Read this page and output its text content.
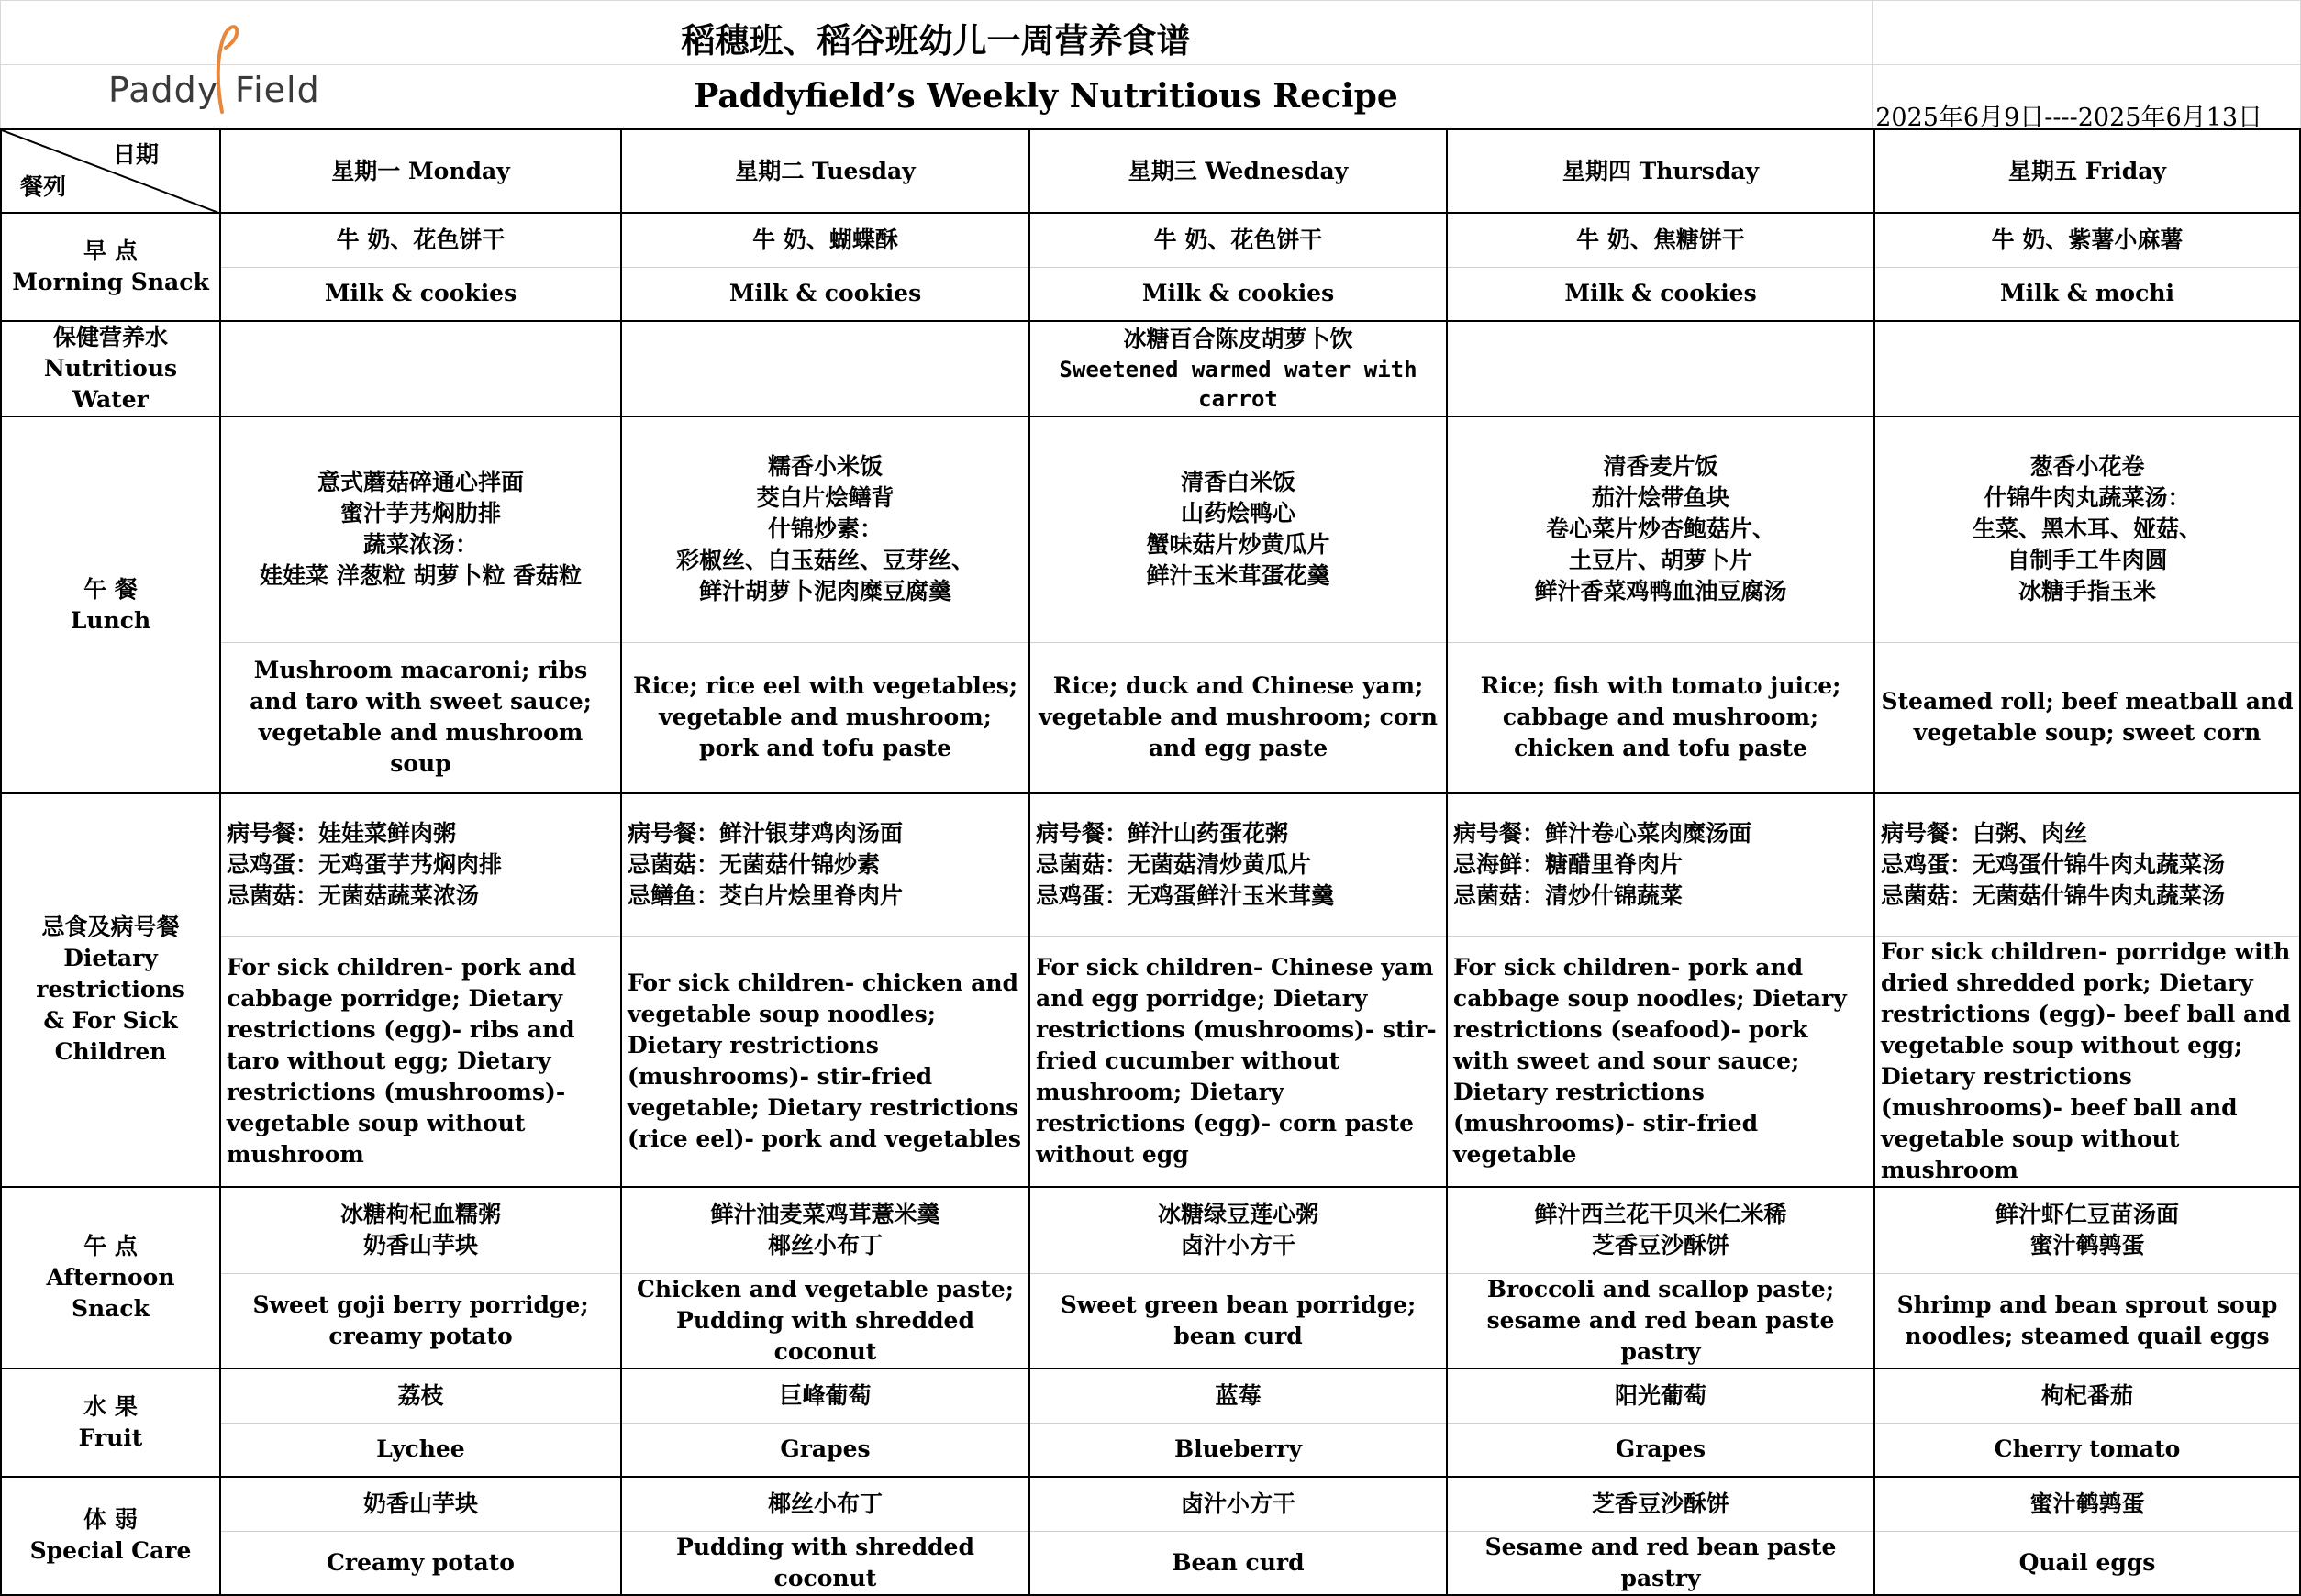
Paddy Field
稻穗班、稻谷班幼儿一周营养食谱
Paddyfield’s Weekly Nutritious Recipe
2025年6月9日----2025年6月13日
日期
餐列	星期一 Monday	星期二 Tuesday	星期三 Wednesday	星期四 Thursday	星期五 Friday

早 点
Morning Snack	牛 奶、花色饼干	牛 奶、蝴蝶酥	牛 奶、花色饼干	牛 奶、焦糖饼干	牛 奶、紫薯小麻薯
	Milk & cookies	Milk & cookies	Milk & cookies	Milk & cookies	Milk & mochi

保健营养水
Nutritious Water			冰糖百合陈皮胡萝卜饮
Sweetened warmed water with
carrot		

午 餐
Lunch	意式蘑菇碎通心拌面
蜜汁芋艿焖肋排
蔬菜浓汤：
娃娃菜 洋葱粒 胡萝卜粒 香菇粒	糯香小米饭
茭白片烩鳝背
什锦炒素：
彩椒丝、白玉菇丝、豆芽丝、
鲜汁胡萝卜泥肉糜豆腐羹	清香白米饭
山药烩鸭心
蟹味菇片炒黄瓜片
鲜汁玉米茸蛋花羹	清香麦片饭
茄汁烩带鱼块
卷心菜片炒杏鲍菇片、
土豆片、胡萝卜片
鲜汁香菜鸡鸭血油豆腐汤	葱香小花卷
什锦牛肉丸蔬菜汤：
生菜、黑木耳、娅菇、
自制手工牛肉圆
冰糖手指玉米

	Mushroom macaroni; ribs and taro with sweet sauce; vegetable and mushroom soup	Rice; rice eel with vegetables; vegetable and mushroom; pork and tofu paste	Rice; duck and Chinese yam; vegetable and mushroom; corn and egg paste	Rice; fish with tomato juice; cabbage and mushroom; chicken and tofu paste	Steamed roll; beef meatball and vegetable soup; sweet corn

忌食及病号餐
Dietary restrictions
& For Sick
Children	病号餐：娃娃菜鲜肉粥
忌鸡蛋：无鸡蛋芋艿焖肉排
忌菌菇：无菌菇蔬菜浓汤	病号餐：鲜汁银芽鸡肉汤面
忌菌菇：无菌菇什锦炒素
忌鳝鱼：茭白片烩里脊肉片	病号餐：鲜汁山药蛋花粥
忌菌菇：无菌菇清炒黄瓜片
忌鸡蛋：无鸡蛋鲜汁玉米茸羹	病号餐：鲜汁卷心菜肉糜汤面
忌海鲜：糖醋里脊肉片
忌菌菇：清炒什锦蔬菜	病号餐：白粥、肉丝
忌鸡蛋：无鸡蛋什锦牛肉丸蔬菜汤
忌菌菇：无菌菇什锦牛肉丸蔬菜汤

	For sick children- pork and cabbage porridge; Dietary restrictions (egg)- ribs and taro without egg; Dietary restrictions (mushrooms)- vegetable soup without mushroom	For sick children- chicken and vegetable soup noodles; Dietary restrictions (mushrooms)- stir-fried vegetable; Dietary restrictions (rice eel)- pork and vegetables	For sick children- Chinese yam and egg porridge; Dietary restrictions (mushrooms)- stir-fried cucumber without mushroom; Dietary restrictions (egg)- corn paste without egg	For sick children- pork and cabbage soup noodles; Dietary restrictions (seafood)- pork with sweet and sour sauce; Dietary restrictions (mushrooms)- stir-fried vegetable	For sick children- porridge with dried shredded pork; Dietary restrictions (egg)- beef ball and vegetable soup without egg; Dietary restrictions (mushrooms)- beef ball and vegetable soup without mushroom

午 点
Afternoon Snack	冰糖枸杞血糯粥
奶香山芋块	鲜汁油麦菜鸡茸薏米羹
椰丝小布丁	冰糖绿豆莲心粥
卤汁小方干	鲜汁西兰花干贝米仁米稀
芝香豆沙酥饼	鲜汁虾仁豆苗汤面
蜜汁鹌鹑蛋

	Sweet goji berry porridge; creamy potato	Chicken and vegetable paste; Pudding with shredded coconut	Sweet green bean porridge; bean curd	Broccoli and scallop paste; sesame and red bean paste pastry	Shrimp and bean sprout soup noodles; steamed quail eggs

水 果
Fruit	荔枝	巨峰葡萄	蓝莓	阳光葡萄	枸杞番茄
	Lychee	Grapes	Blueberry	Grapes	Cherry tomato

体 弱
Special Care	奶香山芋块	椰丝小布丁	卤汁小方干	芝香豆沙酥饼	蜜汁鹌鹑蛋
	Creamy potato	Pudding with shredded coconut	Bean curd	Sesame and red bean paste pastry	Quail eggs
